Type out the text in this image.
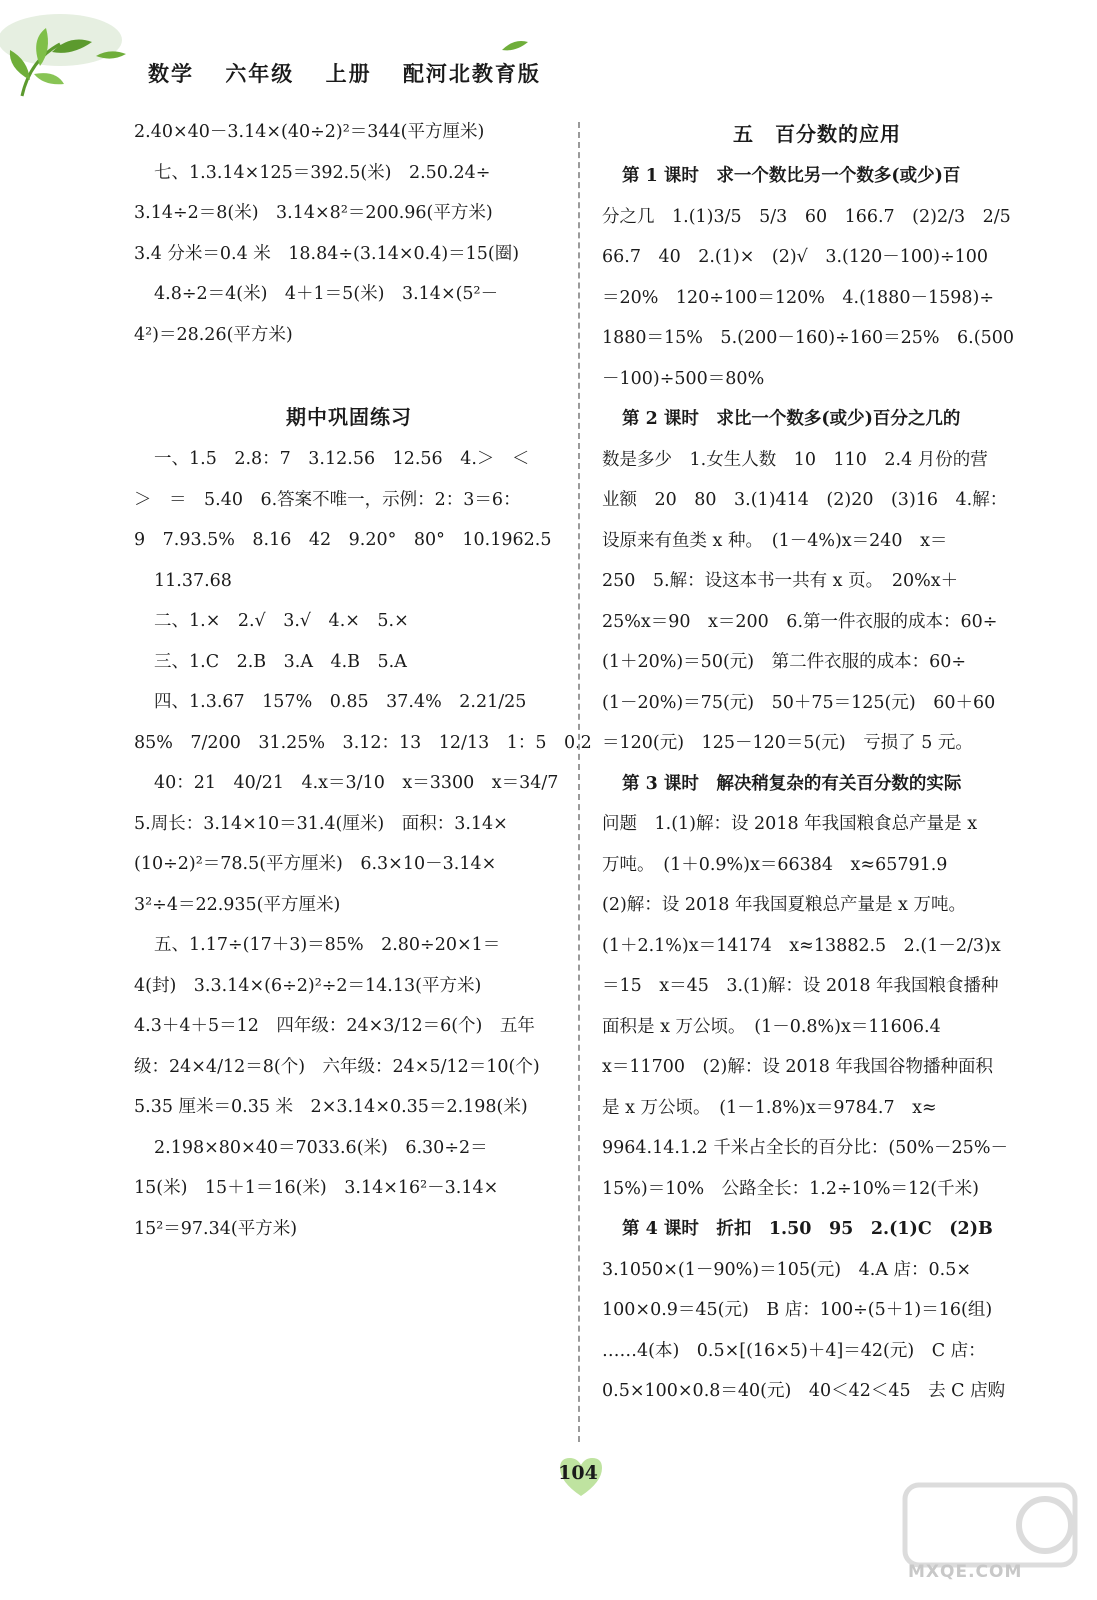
数学 六年级 上册 配河北教育版
2.40×40－3.14×(40÷2)²＝344(平方厘米)
七、1.3.14×125＝392.5(米)　2.50.24÷
3.14÷2＝8(米)　3.14×8²＝200.96(平方米)
3.4 分米＝0.4 米　18.84÷(3.14×0.4)＝15(圈)
4.8÷2＝4(米)　4＋1＝5(米)　3.14×(5²－
4²)＝28.26(平方米)
期中巩固练习
一、1.5　2.8：7　3.12.56　12.56　4.＞　＜
＞　＝　5.40　6.答案不唯一，示例：2：3＝6：
9　7.93.5%　8.16　42　9.20°　80°　10.1962.5
11.37.68
二、1.×　2.√　3.√　4.×　5.×
三、1.C　2.B　3.A　4.B　5.A
四、1.3.67　157%　0.85　37.4%　2.21/25
85%　7/200　31.25%　3.12：13　12/13　1：5　0.2
40：21　40/21　4.x＝3/10　x＝3300　x＝34/7
5.周长：3.14×10＝31.4(厘米)　面积：3.14×
(10÷2)²＝78.5(平方厘米)　6.3×10－3.14×
3²÷4＝22.935(平方厘米)
五、1.17÷(17＋3)＝85%　2.80÷20×1＝
4(封)　3.3.14×(6÷2)²÷2＝14.13(平方米)
4.3＋4＋5＝12　四年级：24×3/12＝6(个)　五年
级：24×4/12＝8(个)　六年级：24×5/12＝10(个)
5.35 厘米＝0.35 米　2×3.14×0.35＝2.198(米)
2.198×80×40＝7033.6(米)　6.30÷2＝
15(米)　15＋1＝16(米)　3.14×16²－3.14×
15²＝97.34(平方米)
五　百分数的应用
第 1 课时　求一个数比另一个数多(或少)百
分之几　1.(1)3/5　5/3　60　166.7　(2)2/3　2/5
66.7　40　2.(1)×　(2)√　3.(120－100)÷100
＝20%　120÷100＝120%　4.(1880－1598)÷
1880＝15%　5.(200－160)÷160＝25%　6.(500
－100)÷500＝80%
第 2 课时　求比一个数多(或少)百分之几的
数是多少　1.女生人数　10　110　2.4 月份的营
业额　20　80　3.(1)414　(2)20　(3)16　4.解：
设原来有鱼类 x 种。　(1－4%)x＝240　x＝
250　5.解：设这本书一共有 x 页。　20%x＋
25%x＝90　x＝200　6.第一件衣服的成本：60÷
(1＋20%)＝50(元)　第二件衣服的成本：60÷
(1－20%)＝75(元)　50＋75＝125(元)　60＋60
＝120(元)　125－120＝5(元)　亏损了 5 元。
第 3 课时　解决稍复杂的有关百分数的实际
问题　1.(1)解：设 2018 年我国粮食总产量是 x
万吨。　(1＋0.9%)x＝66384　x≈65791.9
(2)解：设 2018 年我国夏粮总产量是 x 万吨。
(1＋2.1%)x＝14174　x≈13882.5　2.(1－2/3)x
＝15　x＝45　3.(1)解：设 2018 年我国粮食播种
面积是 x 万公顷。　(1－0.8%)x＝11606.4
x＝11700　(2)解：设 2018 年我国谷物播种面积
是 x 万公顷。　(1－1.8%)x＝9784.7　x≈
9964.14.1.2 千米占全长的百分比：(50%－25%－
15%)＝10%　公路全长：1.2÷10%＝12(千米)
第 4 课时　折扣　1.50　95　2.(1)C　(2)B
3.1050×(1－90%)＝105(元)　4.A 店：0.5×
100×0.9＝45(元)　B 店：100÷(5＋1)＝16(组)
……4(本)　0.5×[(16×5)＋4]＝42(元)　C 店：
0.5×100×0.8＝40(元)　40＜42＜45　去 C 店购
104
MXQE.COM
